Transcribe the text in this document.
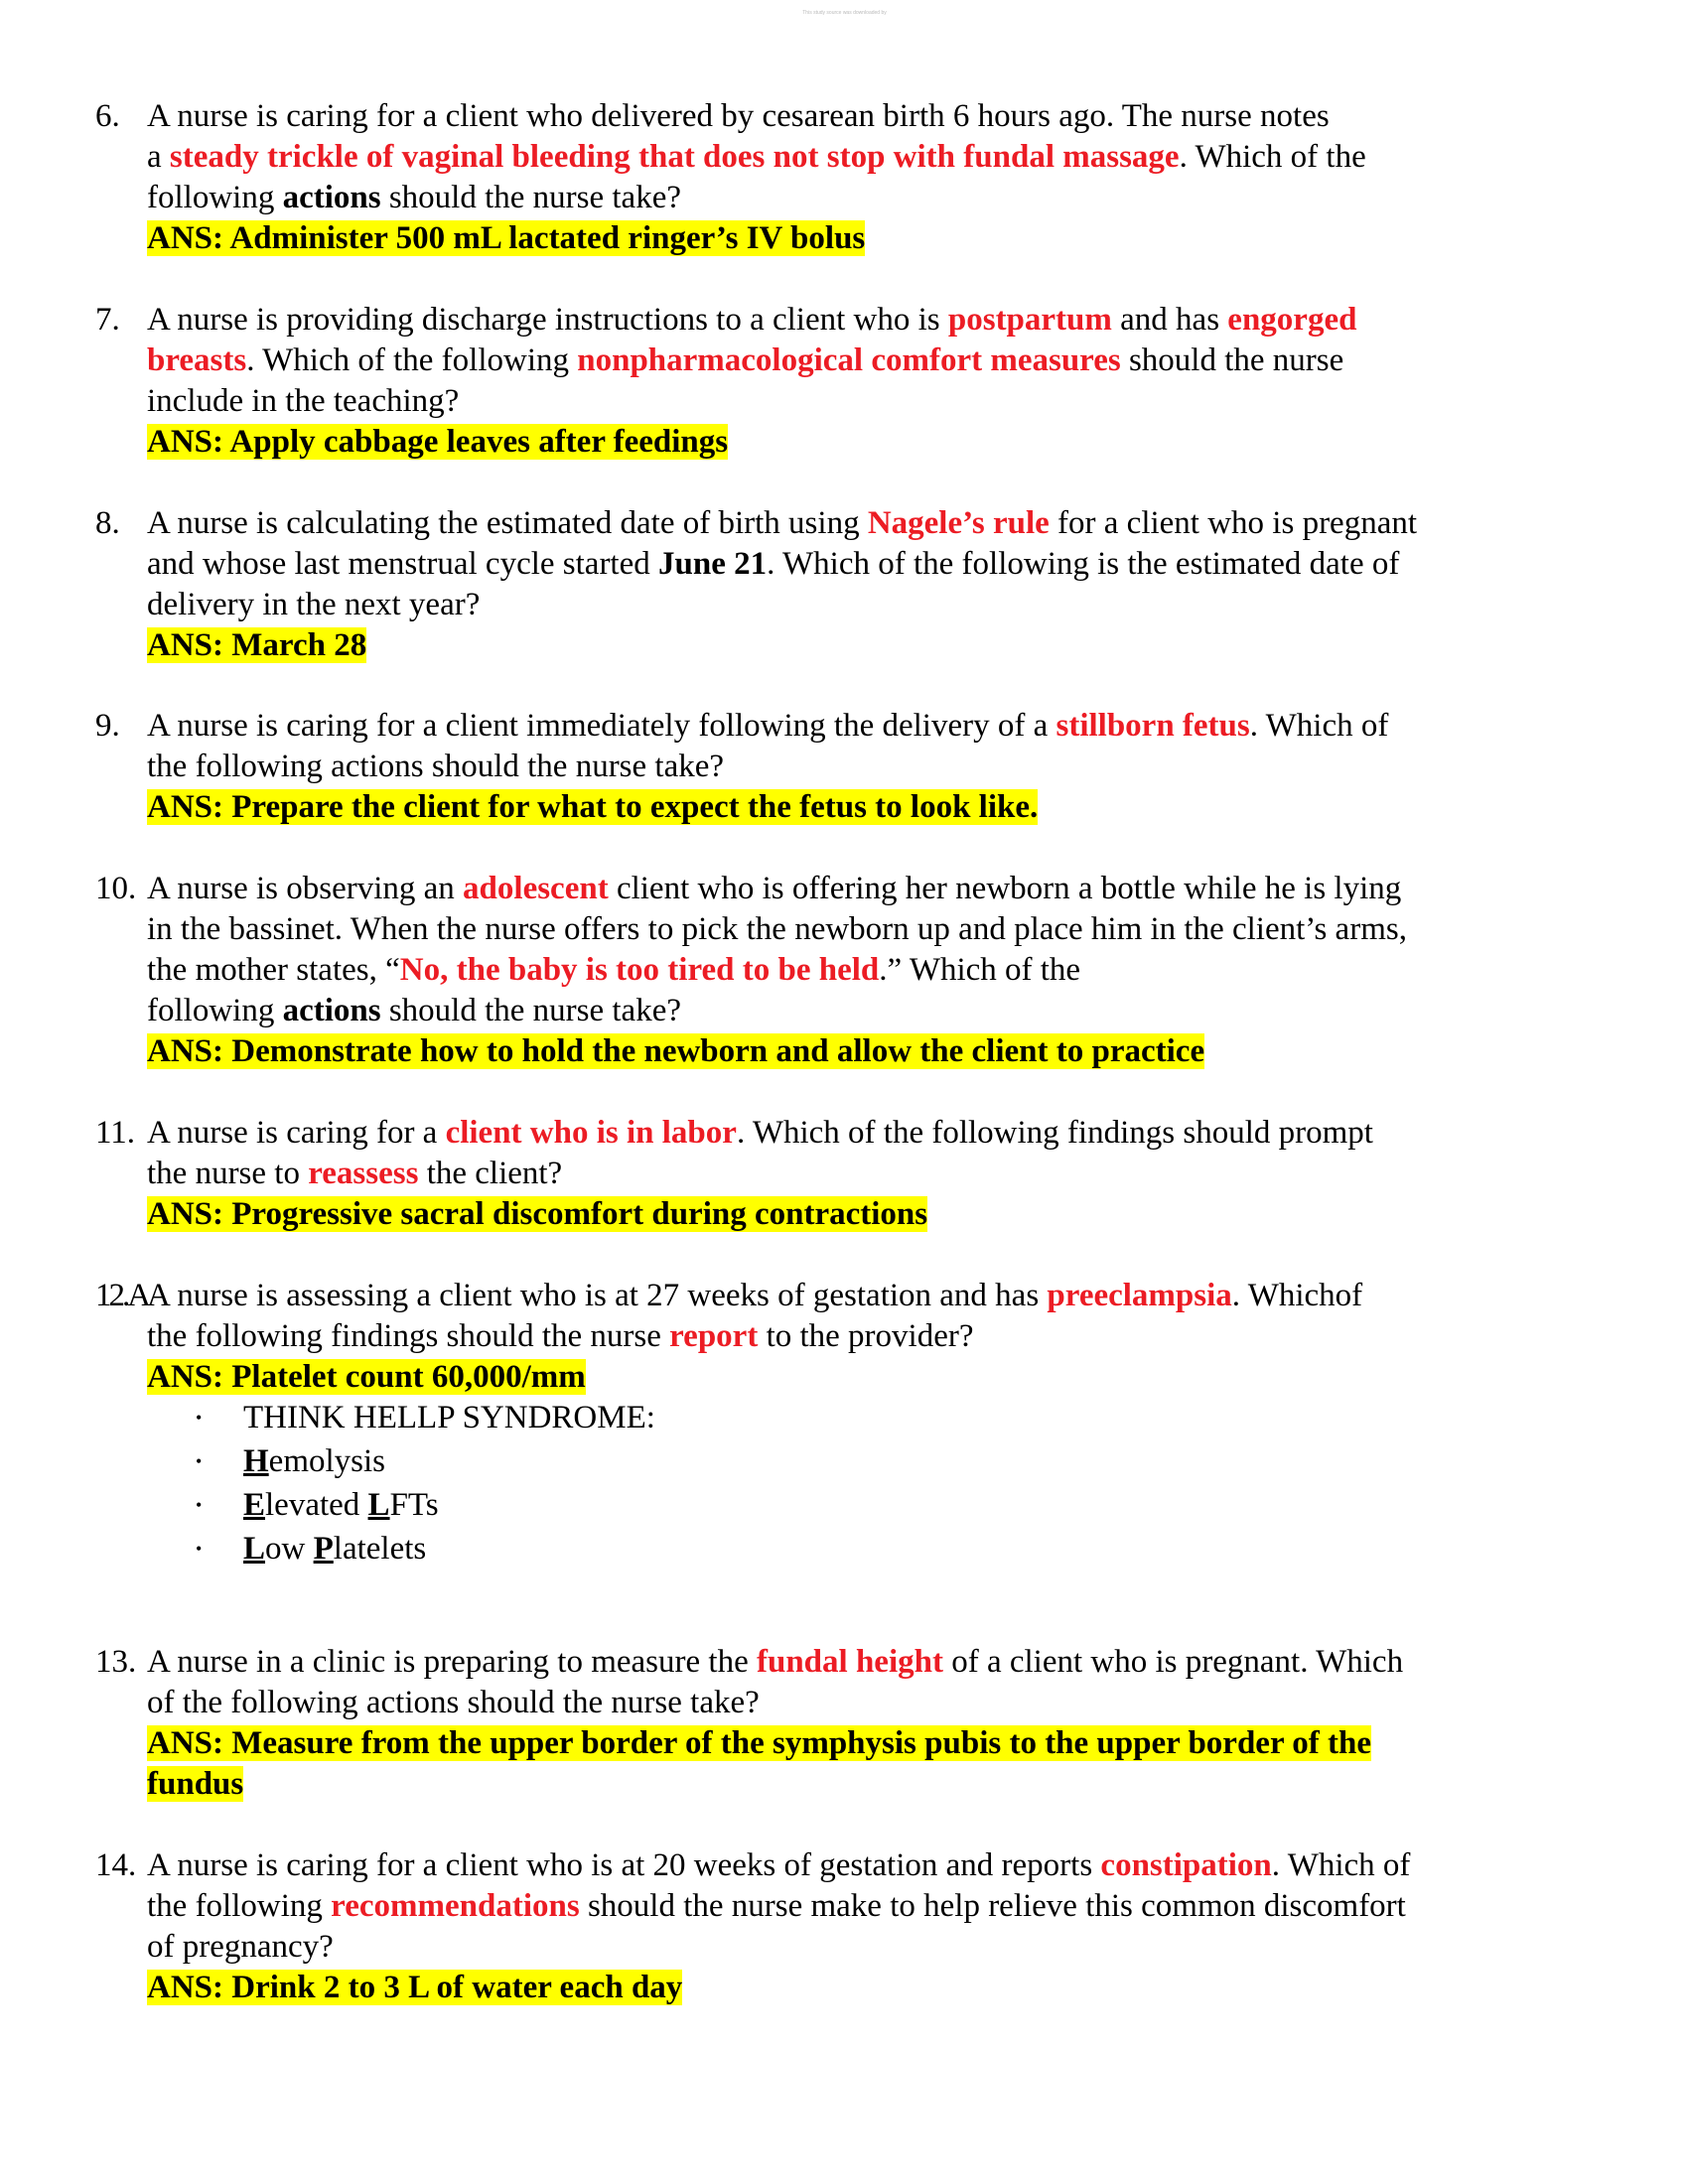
This study source was downloaded by
6. A nurse is caring for a client who delivered by cesarean birth 6 hours ago. The nurse notes
a steady trickle of vaginal bleeding that does not stop with fundal massage. Which of the
following actions should the nurse take?
ANS: Administer 500 mL lactated ringer’s IV bolus
7. A nurse is providing discharge instructions to a client who is postpartum and has engorged
breasts. Which of the following nonpharmacological comfort measures should the nurse
include in the teaching?
ANS: Apply cabbage leaves after feedings
8. A nurse is calculating the estimated date of birth using Nagele’s rule for a client who is pregnant
and whose last menstrual cycle started June 21. Which of the following is the estimated date of
delivery in the next year?
ANS: March 28
9. A nurse is caring for a client immediately following the delivery of a stillborn fetus. Which of
the following actions should the nurse take?
ANS: Prepare the client for what to expect the fetus to look like.
10. A nurse is observing an adolescent client who is offering her newborn a bottle while he is lying
in the bassinet. When the nurse offers to pick the newborn up and place him in the client’s arms,
the mother states, “No, the baby is too tired to be held.” Which of the
following actions should the nurse take?
ANS: Demonstrate how to hold the newborn and allow the client to practice
11. A nurse is caring for a client who is in labor. Which of the following findings should prompt
the nurse to reassess the client?
ANS: Progressive sacral discomfort during contractions
12.A
A nurse is assessing a client who is at 27 weeks of gestation and has preeclampsia. Whichof
the following findings should the nurse report to the provider?
ANS: Platelet count 60,000/mm
• THINK HELLP SYNDROME:
• Hemolysis
• Elevated LFTs
• Low Platelets
13. A nurse in a clinic is preparing to measure the fundal height of a client who is pregnant. Which
of the following actions should the nurse take?
ANS: Measure from the upper border of the symphysis pubis to the upper border of the
fundus
14. A nurse is caring for a client who is at 20 weeks of gestation and reports constipation. Which of
the following recommendations should the nurse make to help relieve this common discomfort
of pregnancy?
ANS: Drink 2 to 3 L of water each day
